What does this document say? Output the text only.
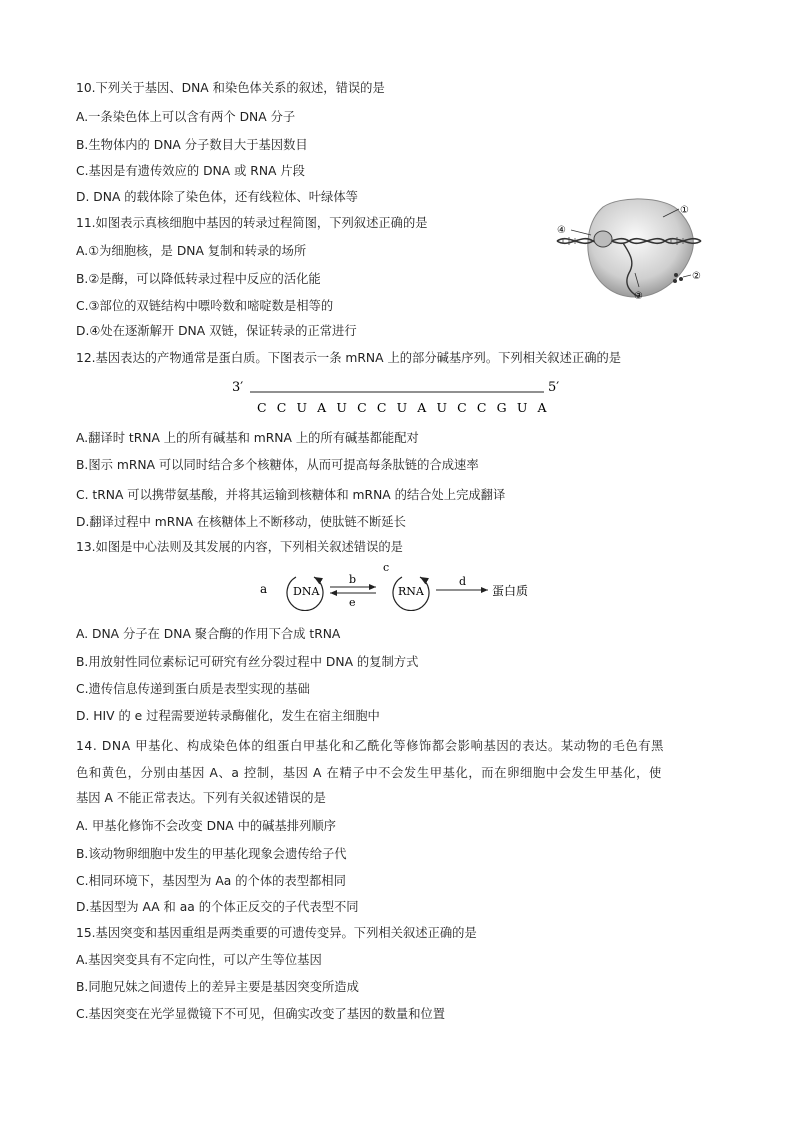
10.下列关于基因、DNA 和染色体关系的叙述，错误的是
A.一条染色体上可以含有两个 DNA 分子
B.生物体内的 DNA 分子数目大于基因数目
C.基因是有遗传效应的 DNA 或 RNA 片段
D. DNA 的载体除了染色体，还有线粒体、叶绿体等
11.如图表示真核细胞中基因的转录过程简图，下列叙述正确的是
A.①为细胞核，是 DNA 复制和转录的场所
B.②是酶，可以降低转录过程中反应的活化能
C.③部位的双链结构中嘌呤数和嘧啶数是相等的
D.④处在逐渐解开 DNA 双链，保证转录的正常进行
①
④
②
③
12.基因表达的产物通常是蛋白质。下图表示一条 mRNA 上的部分碱基序列。下列相关叙述正确的是
3′	5′
C C U A U C C U A U C C G U A
A.翻译时 tRNA 上的所有碱基和 mRNA 上的所有碱基都能配对
B.图示 mRNA 可以同时结合多个核糖体，从而可提高每条肽链的合成速率
C. tRNA 可以携带氨基酸，并将其运输到核糖体和 mRNA 的结合处上完成翻译
D.翻译过程中 mRNA 在核糖体上不断移动，使肽链不断延长
13.如图是中心法则及其发展的内容，下列相关叙述错误的是
a DNA
b
e
c
RNA
d
蛋白质
A. DNA 分子在 DNA 聚合酶的作用下合成 tRNA
B.用放射性同位素标记可研究有丝分裂过程中 DNA 的复制方式
C.遗传信息传递到蛋白质是表型实现的基础
D. HIV 的 e 过程需要逆转录酶催化，发生在宿主细胞中
14. DNA 甲基化、构成染色体的组蛋白甲基化和乙酰化等修饰都会影响基因的表达。某动物的毛色有黑
色和黄色，分别由基因 A、a 控制，基因 A 在精子中不会发生甲基化，而在卵细胞中会发生甲基化，使
基因 A 不能正常表达。下列有关叙述错误的是
A. 甲基化修饰不会改变 DNA 中的碱基排列顺序
B.该动物卵细胞中发生的甲基化现象会遗传给子代
C.相同环境下，基因型为 Aa 的个体的表型都相同
D.基因型为 AA 和 aa 的个体正反交的子代表型不同
15.基因突变和基因重组是两类重要的可遗传变异。下列相关叙述正确的是
A.基因突变具有不定向性，可以产生等位基因
B.同胞兄妹之间遗传上的差异主要是基因突变所造成
C.基因突变在光学显微镜下不可见，但确实改变了基因的数量和位置
